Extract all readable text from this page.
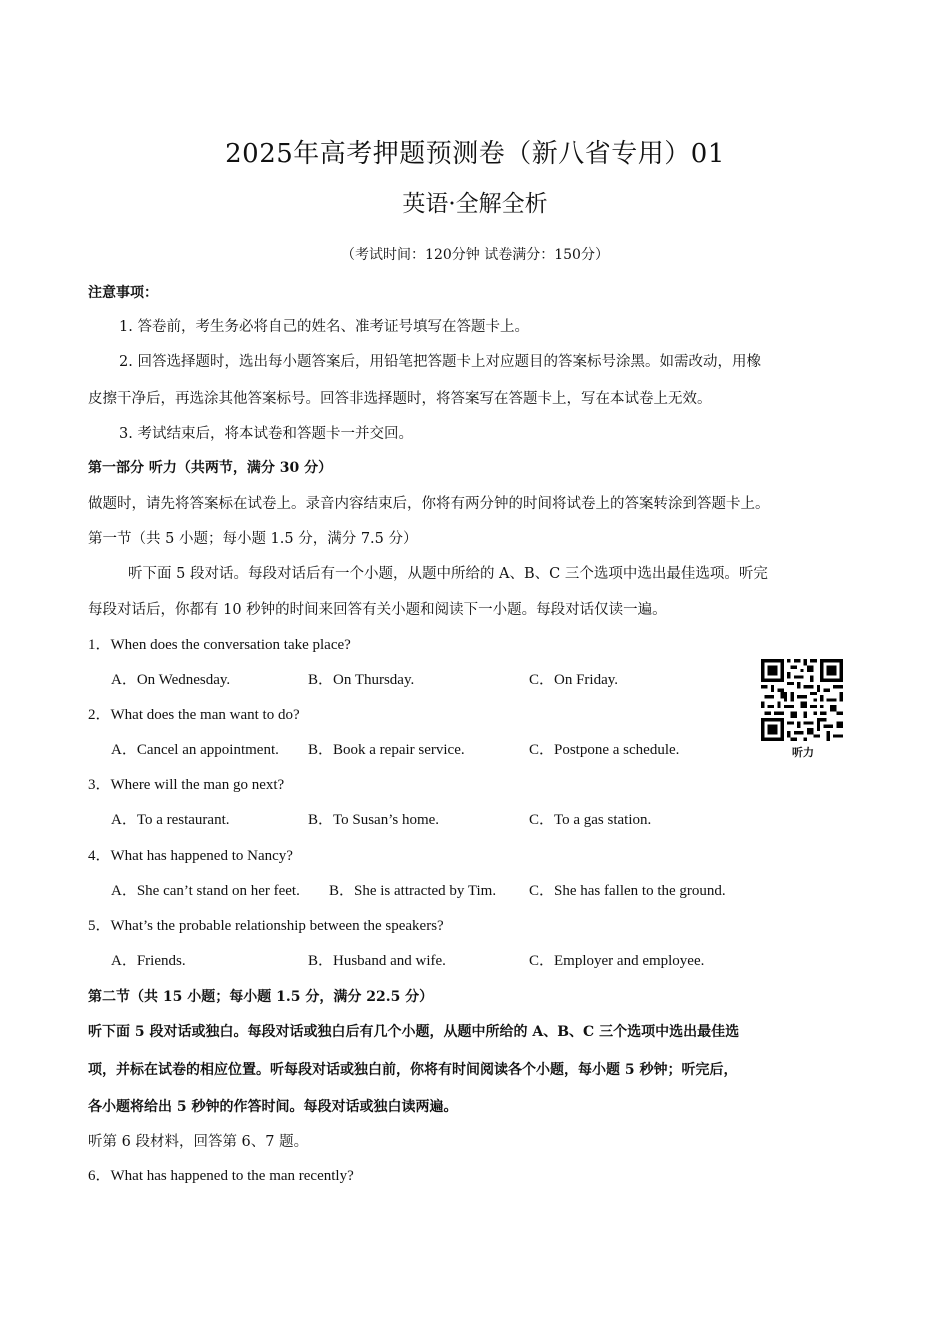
2025年高考押题预测卷（新八省专用）01
英语·全解全析
（考试时间：120分钟 试卷满分：150分）
注意事项：
1. 答卷前，考生务必将自己的姓名、准考证号填写在答题卡上。
2. 回答选择题时，选出每小题答案后，用铅笔把答题卡上对应题目的答案标号涂黑。如需改动，用橡
皮擦干净后，再选涂其他答案标号。回答非选择题时，将答案写在答题卡上，写在本试卷上无效。
3. 考试结束后，将本试卷和答题卡一并交回。
第一部分 听力（共两节，满分 30 分）
做题时，请先将答案标在试卷上。录音内容结束后，你将有两分钟的时间将试卷上的答案转涂到答题卡上。
第一节（共 5 小题；每小题 1.5 分，满分 7.5 分）
听下面 5 段对话。每段对话后有一个小题，从题中所给的 A、B、C 三个选项中选出最佳选项。听完
每段对话后，你都有 10 秒钟的时间来回答有关小题和阅读下一小题。每段对话仅读一遍。
1．When does the conversation take place?
A．On Wednesday.	B．On Thursday.	C．On Friday.
2．What does the man want to do?
A．Cancel an appointment. B．Book a repair service.	C．Postpone a schedule.
3．Where will the man go next?
A．To a restaurant.	B．To Susan’s home.	C．To a gas station.
4．What has happened to Nancy?
A．She can’t stand on her feet. B．She is attracted by Tim. C．She has fallen to the ground.
5．What’s the probable relationship between the speakers?
A．Friends.	B．Husband and wife.	C．Employer and employee.
听力
第二节（共 15 小题；每小题 1.5 分，满分 22.5 分）
听下面 5 段对话或独白。每段对话或独白后有几个小题，从题中所给的 A、B、C 三个选项中选出最佳选
项，并标在试卷的相应位置。听每段对话或独白前，你将有时间阅读各个小题，每小题 5 秒钟；听完后，
各小题将给出 5 秒钟的作答时间。每段对话或独白读两遍。
听第 6 段材料，回答第 6、7 题。
6．What has happened to the man recently?
